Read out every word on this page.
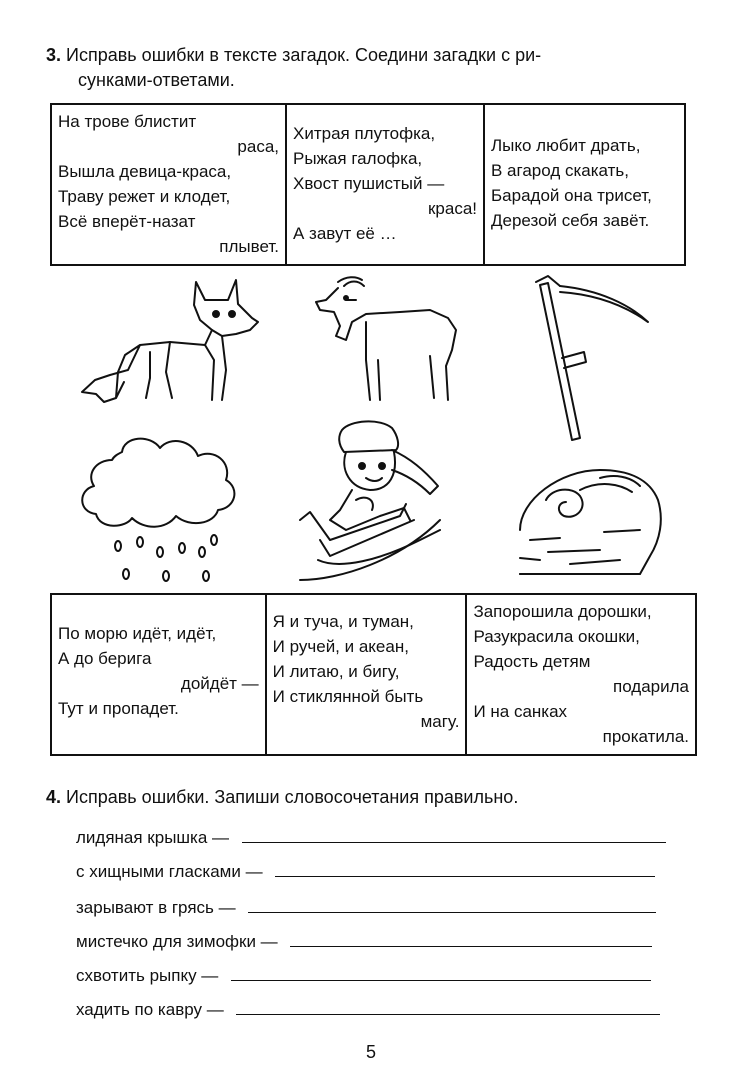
3. Исправь ошибки в тексте загадок. Соедини загадки с ри-
сунками-ответами.
На трове блистит
раса,
Вышла девица-краса,
Траву режет и клодет,
Всё вперёт-назат
плывет.
Хитрая плутофка,
Рыжая галофка,
Хвост пушистый —
краса!
А завут её …
Лыко любит драть,
В агарод скакать,
Барадой она трисет,
Дерезой себя завёт.
По морю идёт, идёт,
А до берига
дойдёт —
Тут и пропадет.
Я и туча, и туман,
И ручей, и акеан,
И литаю, и бигу,
И стиклянной быть
магу.
Запорошила дорошки,
Разукрасила окошки,
Радость детям
подарила
И на санках
прокатила.
4. Исправь ошибки. Запиши словосочетания правильно.
лидяная крышка —
с хищными гласками —
зарывают в грясь —
мистечко для зимофки —
схвотить рыпку —
хадить по кавру —
5
